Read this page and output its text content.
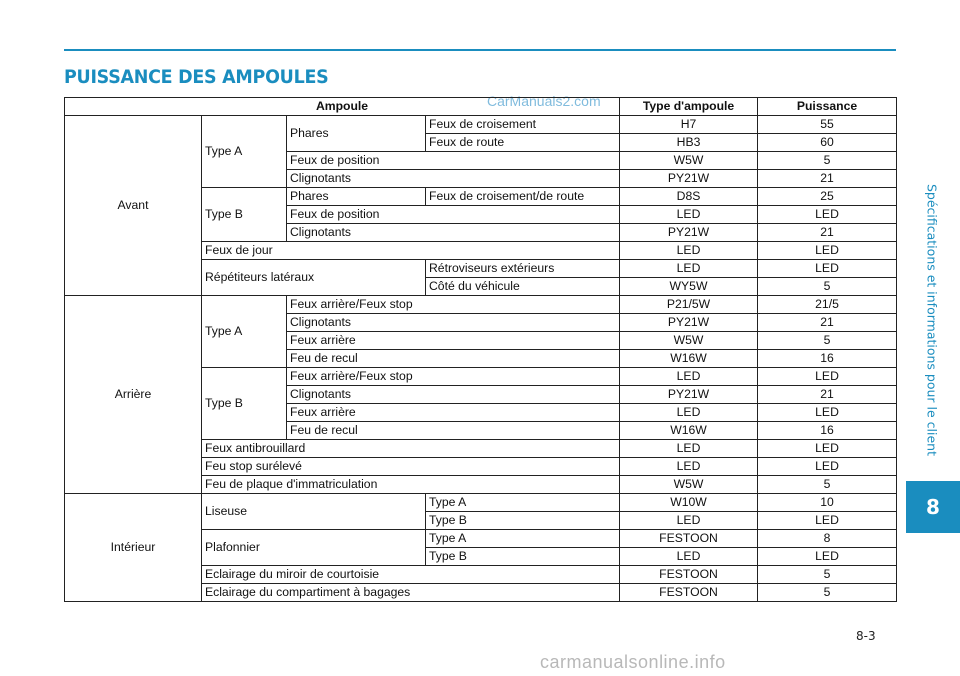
PUISSANCE DES AMPOULES
Spécifications et informations pour le client
8
8-3
CarManuals2.com
carmanualsonline.info
Ampoule				Type d'ampoule	Puissance
Avant	Type A	Phares	Feux de croisement	H7	55
			Feux de route	HB3	60
		Feux de position		W5W	5
		Clignotants		PY21W	21
	Type B	Phares	Feux de croisement/de route	D8S	25
		Feux de position		LED	LED
		Clignotants		PY21W	21
	Feux de jour			LED	LED
	Répétiteurs latéraux		Rétroviseurs extérieurs	LED	LED
			Côté du véhicule	WY5W	5
Arrière	Type A	Feux arrière/Feux stop		P21/5W	21/5
		Clignotants		PY21W	21
		Feux arrière		W5W	5
		Feu de recul		W16W	16
	Type B	Feux arrière/Feux stop		LED	LED
		Clignotants		PY21W	21
		Feux arrière		LED	LED
		Feu de recul		W16W	16
	Feux antibrouillard			LED	LED
	Feu stop surélevé			LED	LED
	Feu de plaque d'immatriculation			W5W	5
Intérieur	Liseuse		Type A	W10W	10
			Type B	LED	LED
	Plafonnier		Type A	FESTOON	8
			Type B	LED	LED
	Eclairage du miroir de courtoisie			FESTOON	5
	Eclairage du compartiment à bagages			FESTOON	5
